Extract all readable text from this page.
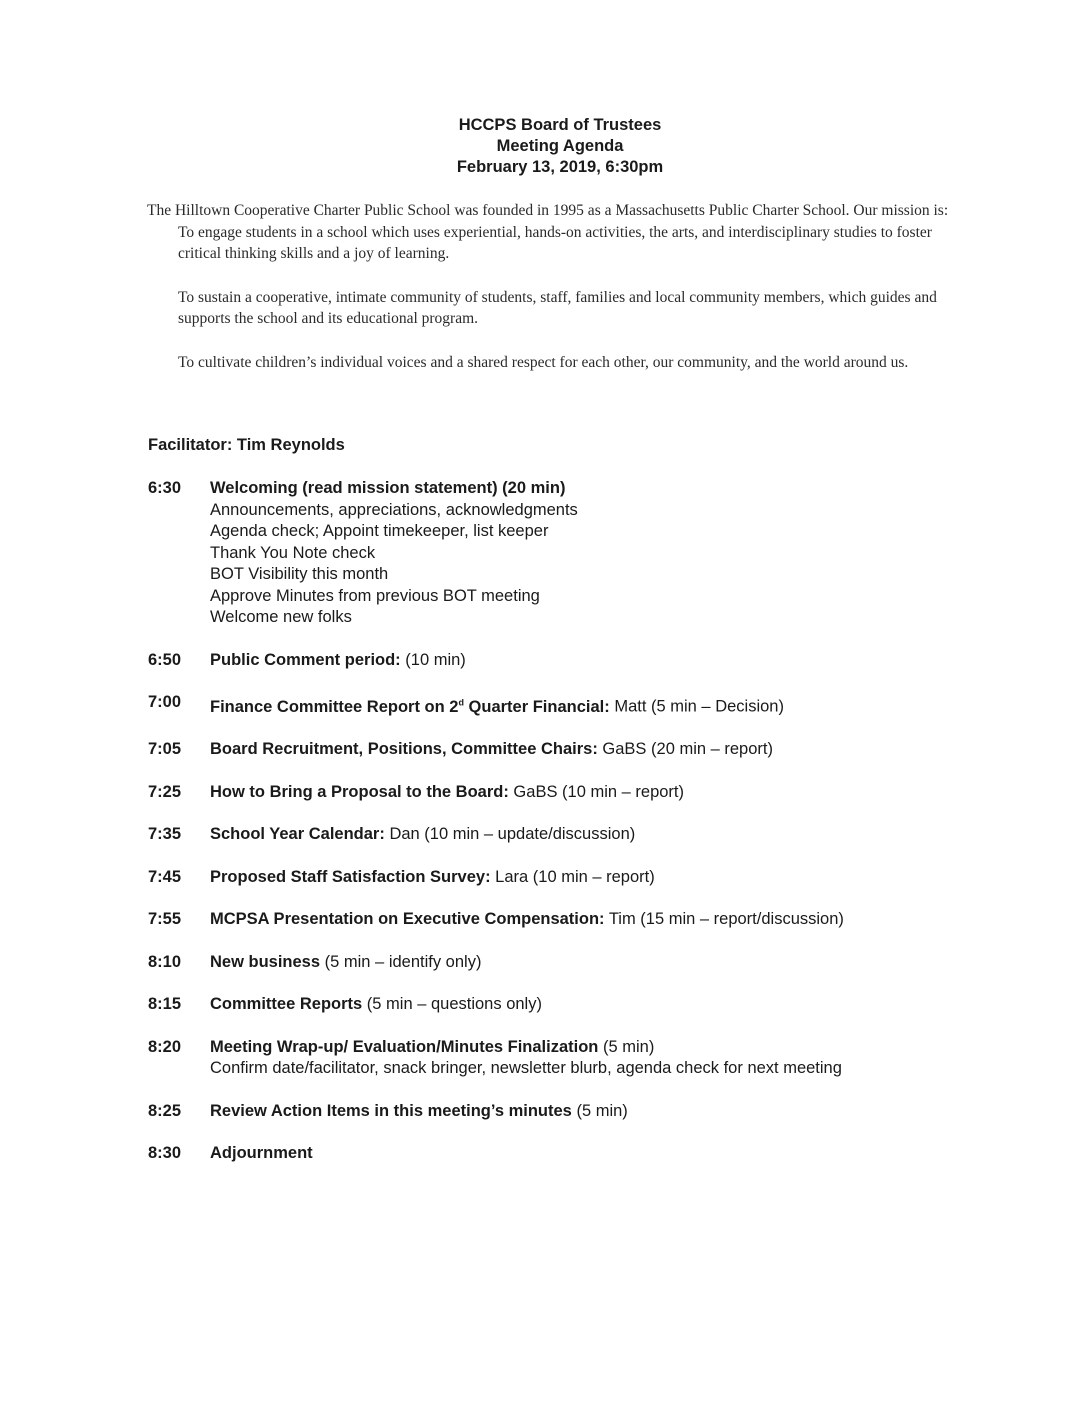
HCCPS Board of Trustees
Meeting Agenda
February 13, 2019, 6:30pm

The Hilltown Cooperative Charter Public School was founded in 1995 as a Massachusetts Public Charter School. Our mission is:

To engage students in a school which uses experiential, hands-on activities, the arts, and interdisciplinary studies to foster critical thinking skills and a joy of learning.

To sustain a cooperative, intimate community of students, staff, families and local community members, which guides and supports the school and its educational program.

To cultivate children’s individual voices and a shared respect for each other, our community, and the world around us.

Facilitator: Tim Reynolds
6:30	Welcoming (read mission statement) (20 min)
Announcements, appreciations, acknowledgments
Agenda check; Appoint timekeeper, list keeper
Thank You Note check
BOT Visibility this month
Approve Minutes from previous BOT meeting
Welcome new folks
6:50	Public Comment period: (10 min)
7:00	Finance Committee Report on 2$^d$ Quarter Financial: Matt (5 min – Decision)
7:05	Board Recruitment, Positions, Committee Chairs: GaBS (20 min – report)
7:25	How to Bring a Proposal to the Board: GaBS (10 min – report)
7:35	School Year Calendar: Dan (10 min – update/discussion)
7:45	Proposed Staff Satisfaction Survey: Lara (10 min – report)
7:55	MCPSA Presentation on Executive Compensation: Tim (15 min – report/discussion)
8:10	New business (5 min – identify only)
8:15	Committee Reports (5 min – questions only)
8:20	Meeting Wrap-up/ Evaluation/Minutes Finalization (5 min)
Confirm date/facilitator, snack bringer, newsletter blurb, agenda check for next meeting
8:25	Review Action Items in this meeting’s minutes (5 min)
8:30	Adjournment
